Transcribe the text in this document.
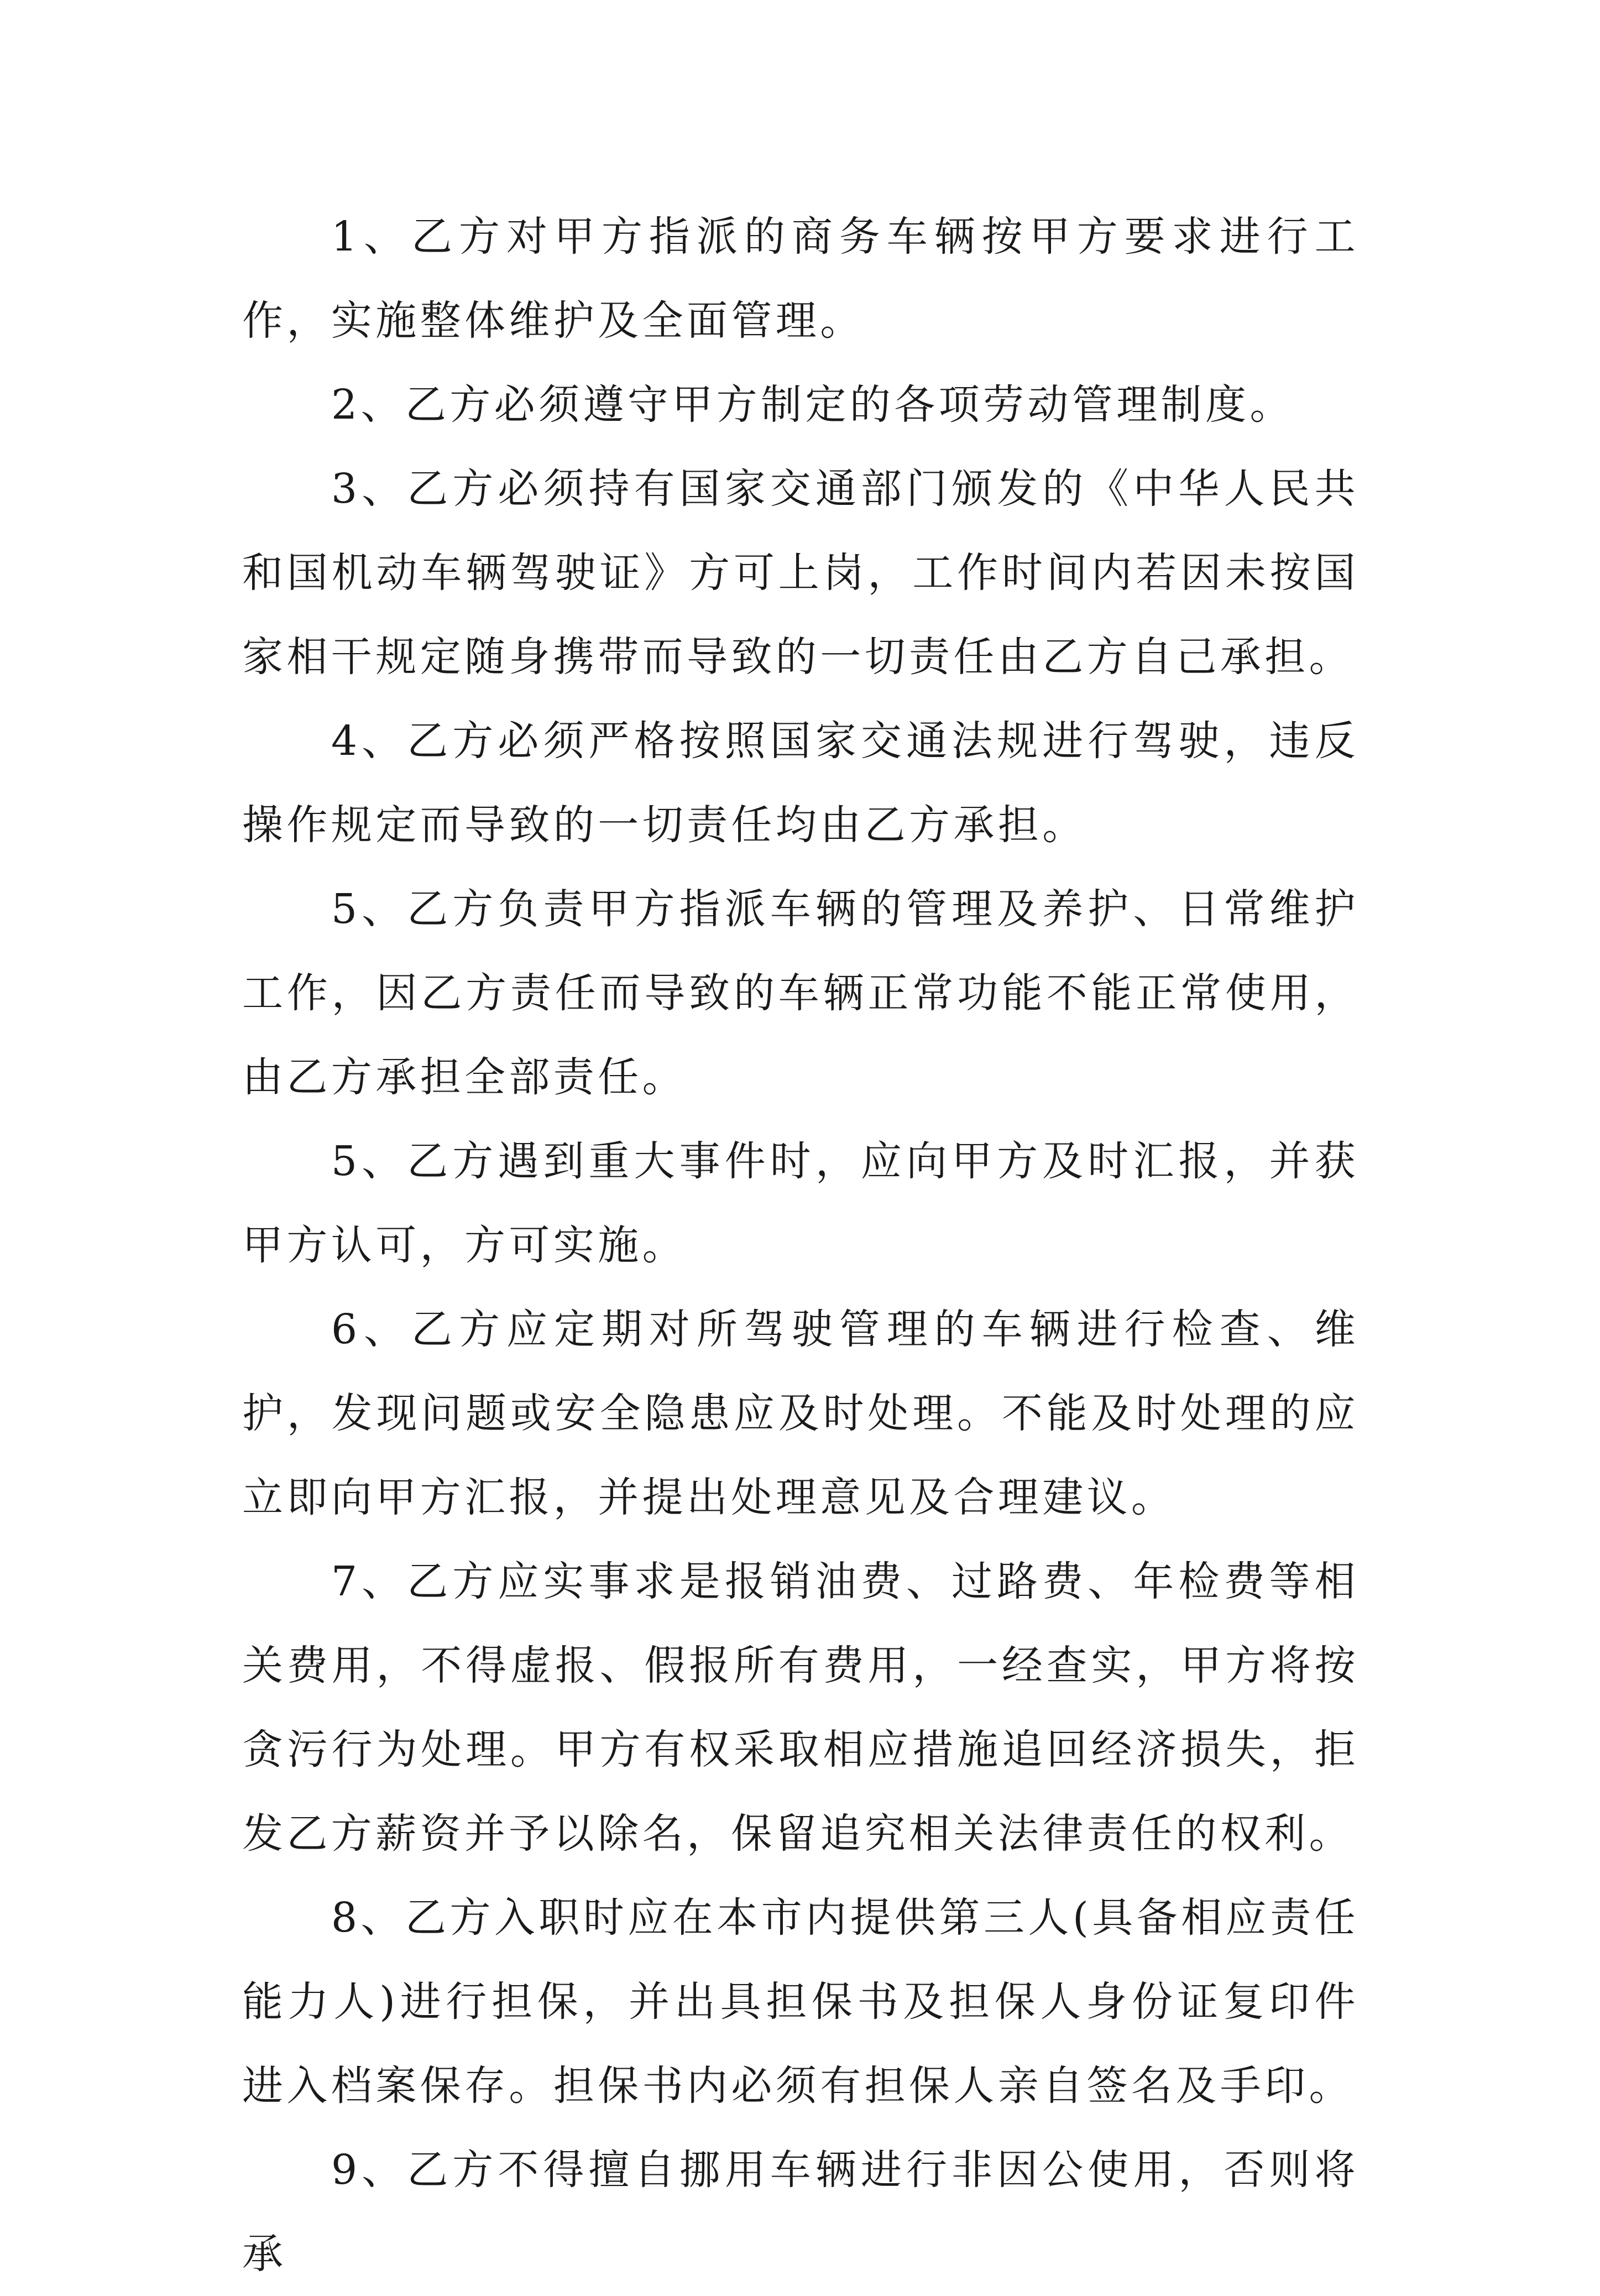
1、乙方对甲方指派的商务车辆按甲方要求进行工作，实施整体维护及全面管理。

2、乙方必须遵守甲方制定的各项劳动管理制度。

3、乙方必须持有国家交通部门颁发的《中华人民共和国机动车辆驾驶证》方可上岗，工作时间内若因未按国家相干规定随身携带而导致的一切责任由乙方自己承担。

4、乙方必须严格按照国家交通法规进行驾驶，违反操作规定而导致的一切责任均由乙方承担。

5、乙方负责甲方指派车辆的管理及养护、日常维护工作，因乙方责任而导致的车辆正常功能不能正常使用，由乙方承担全部责任。

5、乙方遇到重大事件时，应向甲方及时汇报，并获甲方认可，方可实施。

6、乙方应定期对所驾驶管理的车辆进行检查、维护，发现问题或安全隐患应及时处理。不能及时处理的应立即向甲方汇报，并提出处理意见及合理建议。

7、乙方应实事求是报销油费、过路费、年检费等相关费用，不得虚报、假报所有费用，一经查实，甲方将按贪污行为处理。甲方有权采取相应措施追回经济损失，拒发乙方薪资并予以除名，保留追究相关法律责任的权利。

8、乙方入职时应在本市内提供第三人(具备相应责任能力人)进行担保，并出具担保书及担保人身份证复印件进入档案保存。担保书内必须有担保人亲自签名及手印。

9、乙方不得擅自挪用车辆进行非因公使用，否则将承
